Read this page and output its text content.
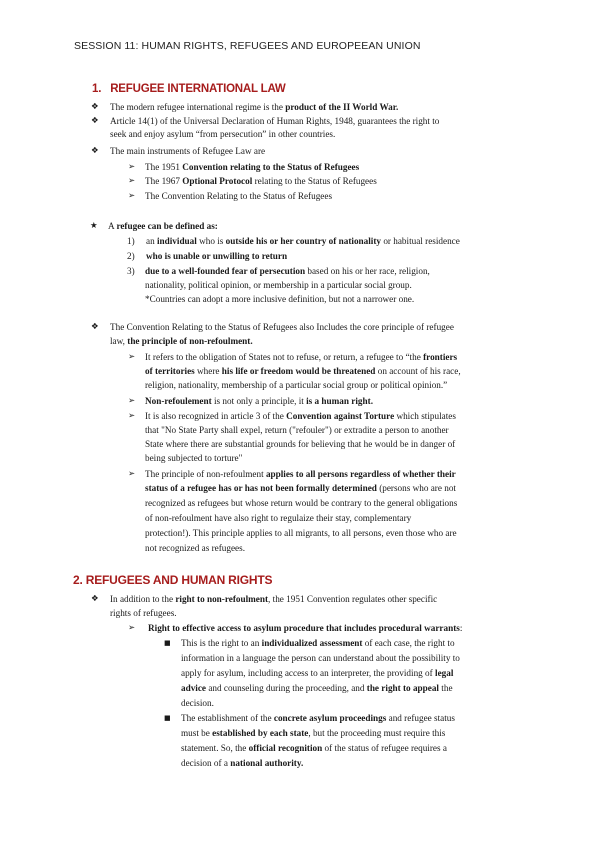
SESSION 11: HUMAN RIGHTS, REFUGEES AND EUROPEEAN UNION
1. REFUGEE INTERNATIONAL LAW
❖ The modern refugee international regime is the product of the II World War.
❖ Article 14(1) of the Universal Declaration of Human Rights, 1948, guarantees the right to
seek and enjoy asylum “from persecution” in other countries.
❖ The main instruments of Refugee Law are
➢ The 1951 Convention relating to the Status of Refugees
➢ The 1967 Optional Protocol relating to the Status of Refugees
➢ The Convention Relating to the Status of Refugees
★ A refugee can be defined as:
1) an individual who is outside his or her country of nationality or habitual residence
2) who is unable or unwilling to return
3) due to a well-founded fear of persecution based on his or her race, religion,
nationality, political opinion, or membership in a particular social group.
*Countries can adopt a more inclusive definition, but not a narrower one.
❖ The Convention Relating to the Status of Refugees also Includes the core principle of refugee
law, the principle of non-refoulment.
➢ It refers to the obligation of States not to refuse, or return, a refugee to “the frontiers
of territories where his life or freedom would be threatened on account of his race,
religion, nationality, membership of a particular social group or political opinion.”
➢ Non-refoulement is not only a principle, it is a human right.
➢ It is also recognized in article 3 of the Convention against Torture which stipulates
that "No State Party shall expel, return ("refouler") or extradite a person to another
State where there are substantial grounds for believing that he would be in danger of
being subjected to torture"
➢ The principle of non-refoulment applies to all persons regardless of whether their
status of a refugee has or has not been formally determined (persons who are not
recognized as refugees but whose return would be contrary to the general obligations
of non-refoulment have also right to regulaize their stay, complementary
protection!). This principle applies to all migrants, to all persons, even those who are
not recognized as refugees.
2. REFUGEES AND HUMAN RIGHTS
❖ In addition to the right to non-refoulment, the 1951 Convention regulates other specific
rights of refugees.
➢ Right to effective access to asylum procedure that includes procedural warrants:
■ This is the right to an individualized assessment of each case, the right to
information in a language the person can understand about the possibility to
apply for asylum, including access to an interpreter, the providing of legal
advice and counseling during the proceeding, and the right to appeal the
decision.
■ The establishment of the concrete asylum proceedings and refugee status
must be established by each state, but the proceeding must require this
statement. So, the official recognition of the status of refugee requires a
decision of a national authority.
